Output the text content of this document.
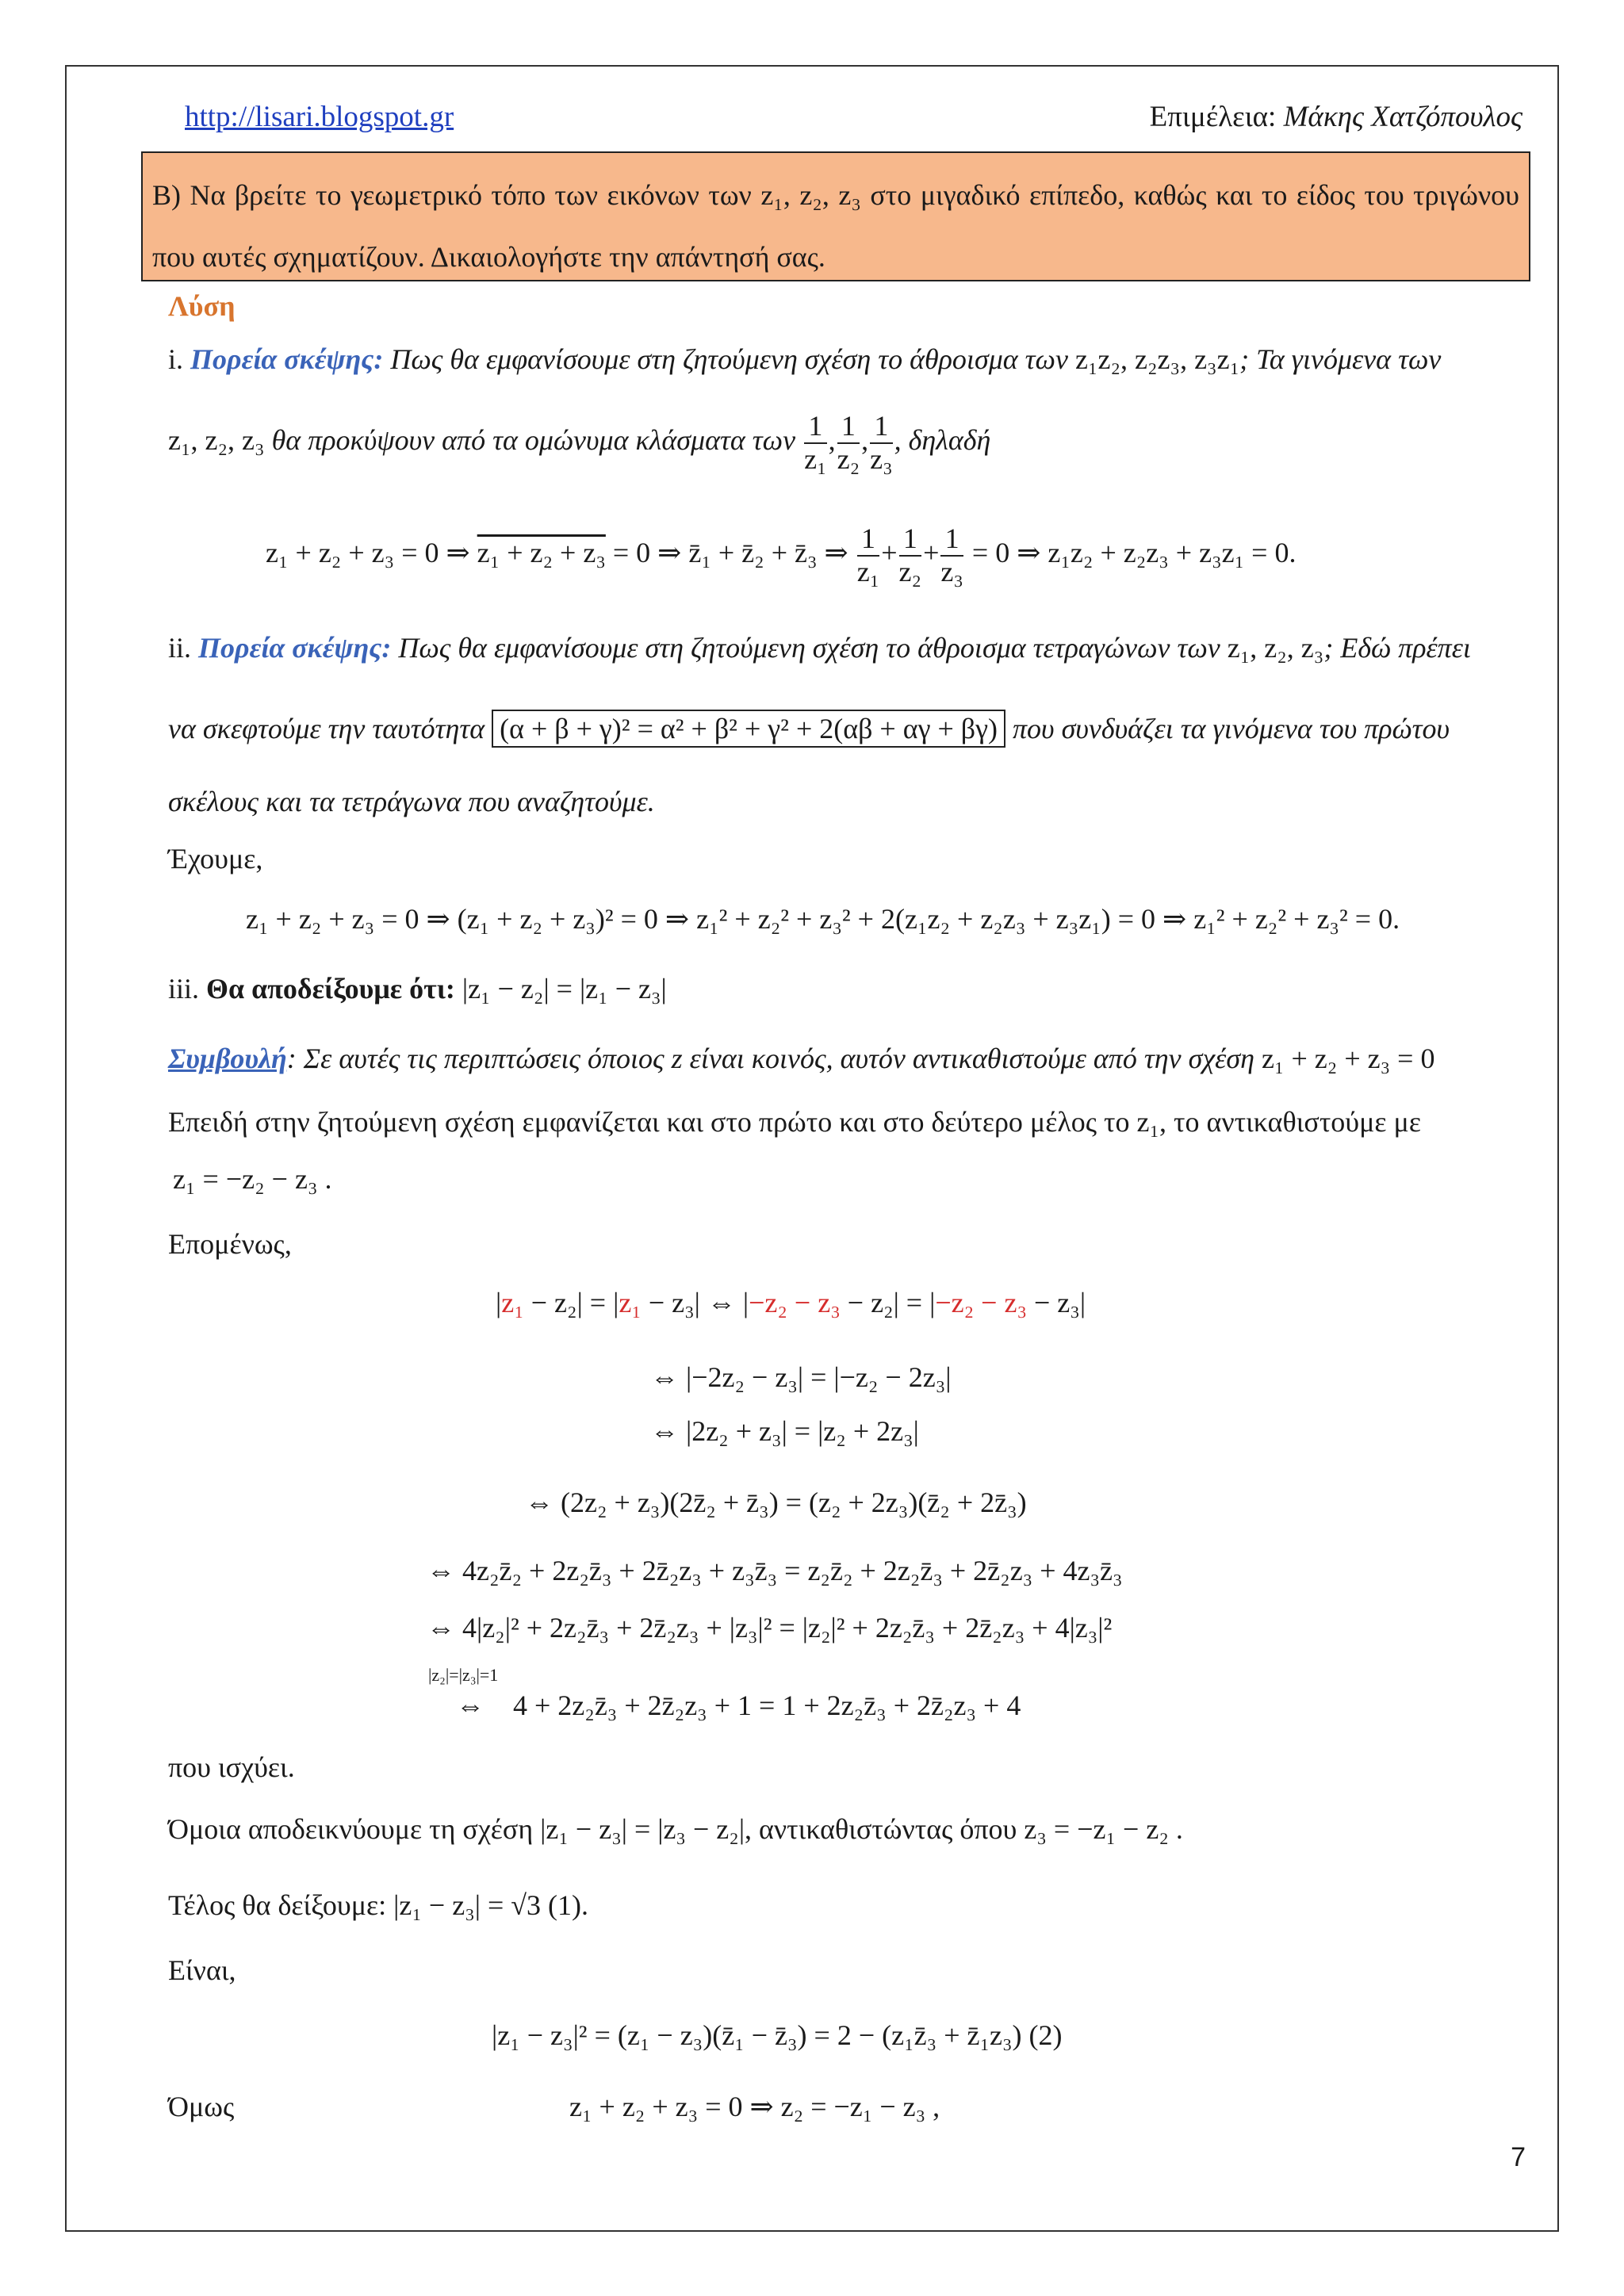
http://lisari.blogspot.gr	Επιμέλεια: Μάκης Χατζόπουλος
Β) Να βρείτε το γεωμετρικό τόπο των εικόνων των z₁, z₂, z₃ στο μιγαδικό επίπεδο, καθώς και το είδος του τριγώνου που αυτές σχηματίζουν. Δικαιολογήστε την απάντησή σας.
Λύση
i. Πορεία σκέψης: Πως θα εμφανίσουμε στη ζητούμενη σχέση το άθροισμα των z₁z₂, z₂z₃, z₃z₁; Τα γινόμενα των
z₁, z₂, z₃ θα προκύψουν από τα ομώνυμα κλάσματα των $\frac{1}{\text{z₁}}$ , $\frac{1}{\text{z₂}}$ , $\frac{1}{\text{z₃}}$ , δηλαδή
z₁ + z₂ + z₃ = 0 ⇒ z₁ + z₂ + z₃ = 0 ⇒ z̄₁ + z̄₂ + z̄₃ ⇒ $\frac{1}{\text{z₁}} + \frac{1}{\text{z₂}} + \frac{1}{\text{z₃}} = 0$ ⇒ z₁z₂ + z₂z₃ + z₃z₁ = 0.
ii. Πορεία σκέψης: Πως θα εμφανίσουμε στη ζητούμενη σχέση το άθροισμα τετραγώνων των z₁, z₂, z₃; Εδώ πρέπει
να σκεφτούμε την ταυτότητα (α + β + γ)² = α² + β² + γ² + 2(αβ + αγ + βγ) που συνδυάζει τα γινόμενα του πρώτου
σκέλους και τα τετράγωνα που αναζητούμε.
Έχουμε,
z₁ + z₂ + z₃ = 0 ⇒ (z₁ + z₂ + z₃)² = 0 ⇒ z₁² + z₂² + z₃² + 2(z₁z₂ + z₂z₃ + z₃z₁) = 0 ⇒ z₁² + z₂² + z₃² = 0.
iii. Θα αποδείξουμε ότι: |z₁ − z₂| = |z₁ − z₃|
Συμβουλή: Σε αυτές τις περιπτώσεις όποιος z είναι κοινός, αυτόν αντικαθιστούμε από την σχέση z₁ + z₂ + z₃ = 0
Επειδή στην ζητούμενη σχέση εμφανίζεται και στο πρώτο και στο δεύτερο μέλος το z₁, το αντικαθιστούμε με
z₁ = −z₂ − z₃ .
Επομένως,
|z₁ − z₂| = |z₁ − z₃| ⇔ |−z₂ − z₃ − z₂| = |−z₂ − z₃ − z₃|
⇔ |−2z₂ − z₃| = |−z₂ − 2z₃|
⇔ |2z₂ + z₃| = |z₂ + 2z₃|
⇔ (2z₂ + z₃)(2z̄₂ + z̄₃) = (z₂ + 2z₃)(z̄₂ + 2z̄₃)
⇔ 4z₂z̄₂ + 2z₂z̄₃ + 2z̄₂z₃ + z₃z̄₃ = z₂z̄₂ + 2z₂z̄₃ + 2z̄₂z₃ + 4z₃z̄₃
⇔ 4|z₂|² + 2z₂z̄₃ + 2z̄₂z₃ + |z₃|² = |z₂|² + 2z₂z̄₃ + 2z̄₂z₃ + 4|z₃|²
|z₂|=|z₃|=1
⇔    4 + 2z₂z̄₃ + 2z̄₂z₃ + 1 = 1 + 2z₂z̄₃ + 2z̄₂z₃ + 4
που ισχύει.
Όμοια αποδεικνύουμε τη σχέση |z₁ − z₃| = |z₃ − z₂|, αντικαθιστώντας όπου z₃ = −z₁ − z₂ .
Τέλος θα δείξουμε: |z₁ − z₃| = √3 (1).
Είναι,
|z₁ − z₃|² = (z₁ − z₃)(z̄₁ − z̄₃) = 2 − (z₁z̄₃ + z̄₁z₃) (2)
Όμως	z₁ + z₂ + z₃ = 0 ⇒ z₂ = −z₁ − z₃ ,
7
